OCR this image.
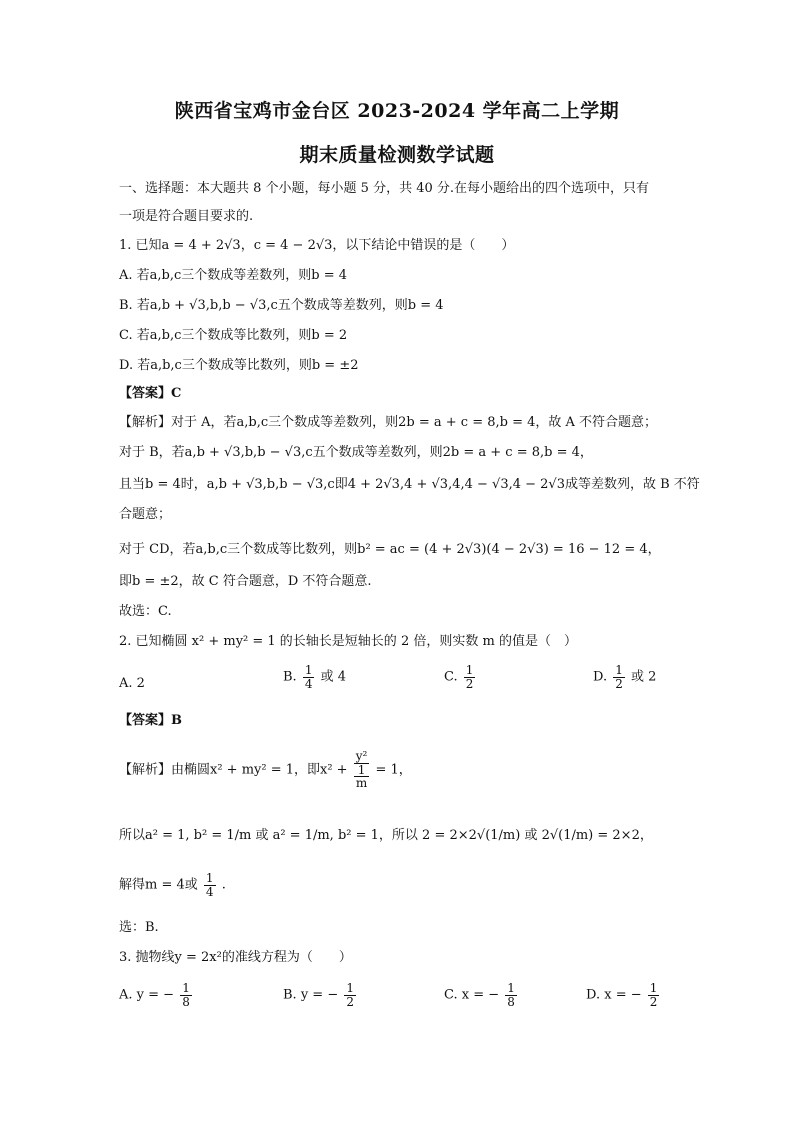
陕西省宝鸡市金台区 2023-2024 学年高二上学期
期末质量检测数学试题
一、选择题：本大题共 8 个小题，每小题 5 分，共 40 分.在每小题给出的四个选项中，只有
一项是符合题目要求的.
1. 已知a = 4 + 2√3，c = 4 − 2√3，以下结论中错误的是（　　）
A. 若a,b,c三个数成等差数列，则b = 4
B. 若a,b + √3,b,b − √3,c五个数成等差数列，则b = 4
C. 若a,b,c三个数成等比数列，则b = 2
D. 若a,b,c三个数成等比数列，则b = ±2
【答案】C
【解析】对于 A，若a,b,c三个数成等差数列，则2b = a + c = 8,b = 4，故 A 不符合题意；
对于 B，若a,b + √3,b,b − √3,c五个数成等差数列，则2b = a + c = 8,b = 4，
且当b = 4时，a,b + √3,b,b − √3,c即4 + 2√3,4 + √3,4,4 − √3,4 − 2√3成等差数列，故 B 不符
合题意；
对于 CD，若a,b,c三个数成等比数列，则b² = ac = (4 + 2√3)(4 − 2√3) = 16 − 12 = 4，
即b = ±2，故 C 符合题意，D 不符合题意.
故选：C.
2. 已知椭圆 x² + my² = 1 的长轴长是短轴长的 2 倍，则实数 m 的值是（　）
A. 2	B. $\frac{1}{4}$ 或 4	C. $\frac{1}{2}$	D. $\frac{1}{2}$ 或 2
【答案】B
【解析】由椭圆x² + my² = 1，即x² + y²
1
m = 1，
所以a² = 1, b² = 1/m 或 a² = 1/m, b² = 1，所以 2 = 2×2√(1/m) 或 2√(1/m) = 2×2，
解得m = 4或 $\frac{1}{4}$ .
选：B.
3. 抛物线y = 2x²的准线方程为（　　）
A. y = − $\frac{1}{8}$	B. y = − $\frac{1}{2}$	C. x = − $\frac{1}{8}$	D. x = − $\frac{1}{2}$
